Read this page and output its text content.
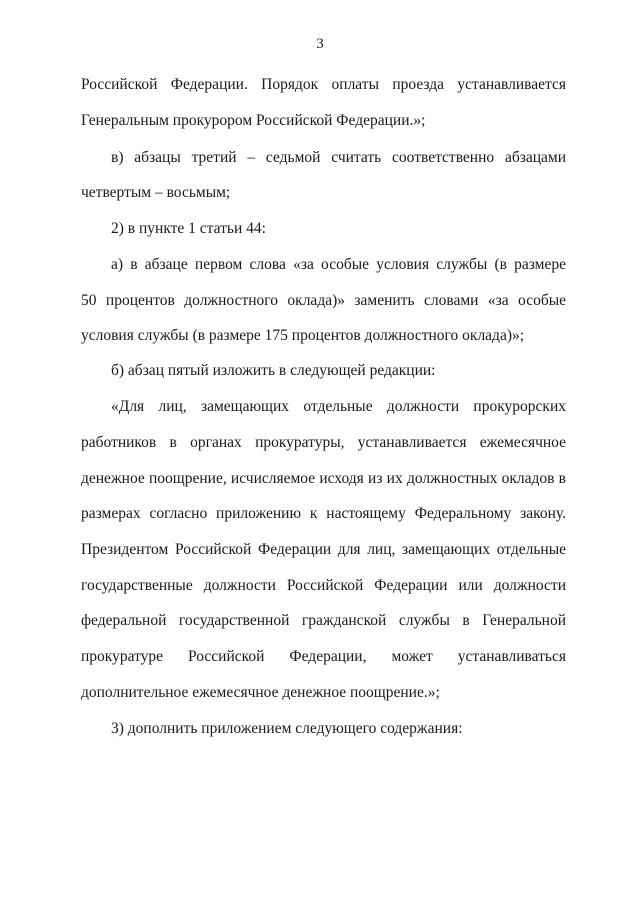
3
Российской Федерации. Порядок оплаты проезда устанавливается
Генеральным прокурором Российской Федерации.»;
в) абзацы третий – седьмой считать соответственно абзацами
четвертым – восьмым;
2) в пункте 1 статьи 44:
а) в абзаце первом слова «за особые условия службы (в размере
50 процентов должностного оклада)» заменить словами «за особые
условия службы (в размере 175 процентов должностного оклада)»;
б) абзац пятый изложить в следующей редакции:
«Для лиц, замещающих отдельные должности прокурорских
работников в органах прокуратуры, устанавливается ежемесячное
денежное поощрение, исчисляемое исходя из их должностных окладов в
размерах согласно приложению к настоящему Федеральному закону.
Президентом Российской Федерации для лиц, замещающих отдельные
государственные должности Российской Федерации или должности
федеральной государственной гражданской службы в Генеральной
прокуратуре Российской Федерации, может устанавливаться
дополнительное ежемесячное денежное поощрение.»;
3) дополнить приложением следующего содержания:
